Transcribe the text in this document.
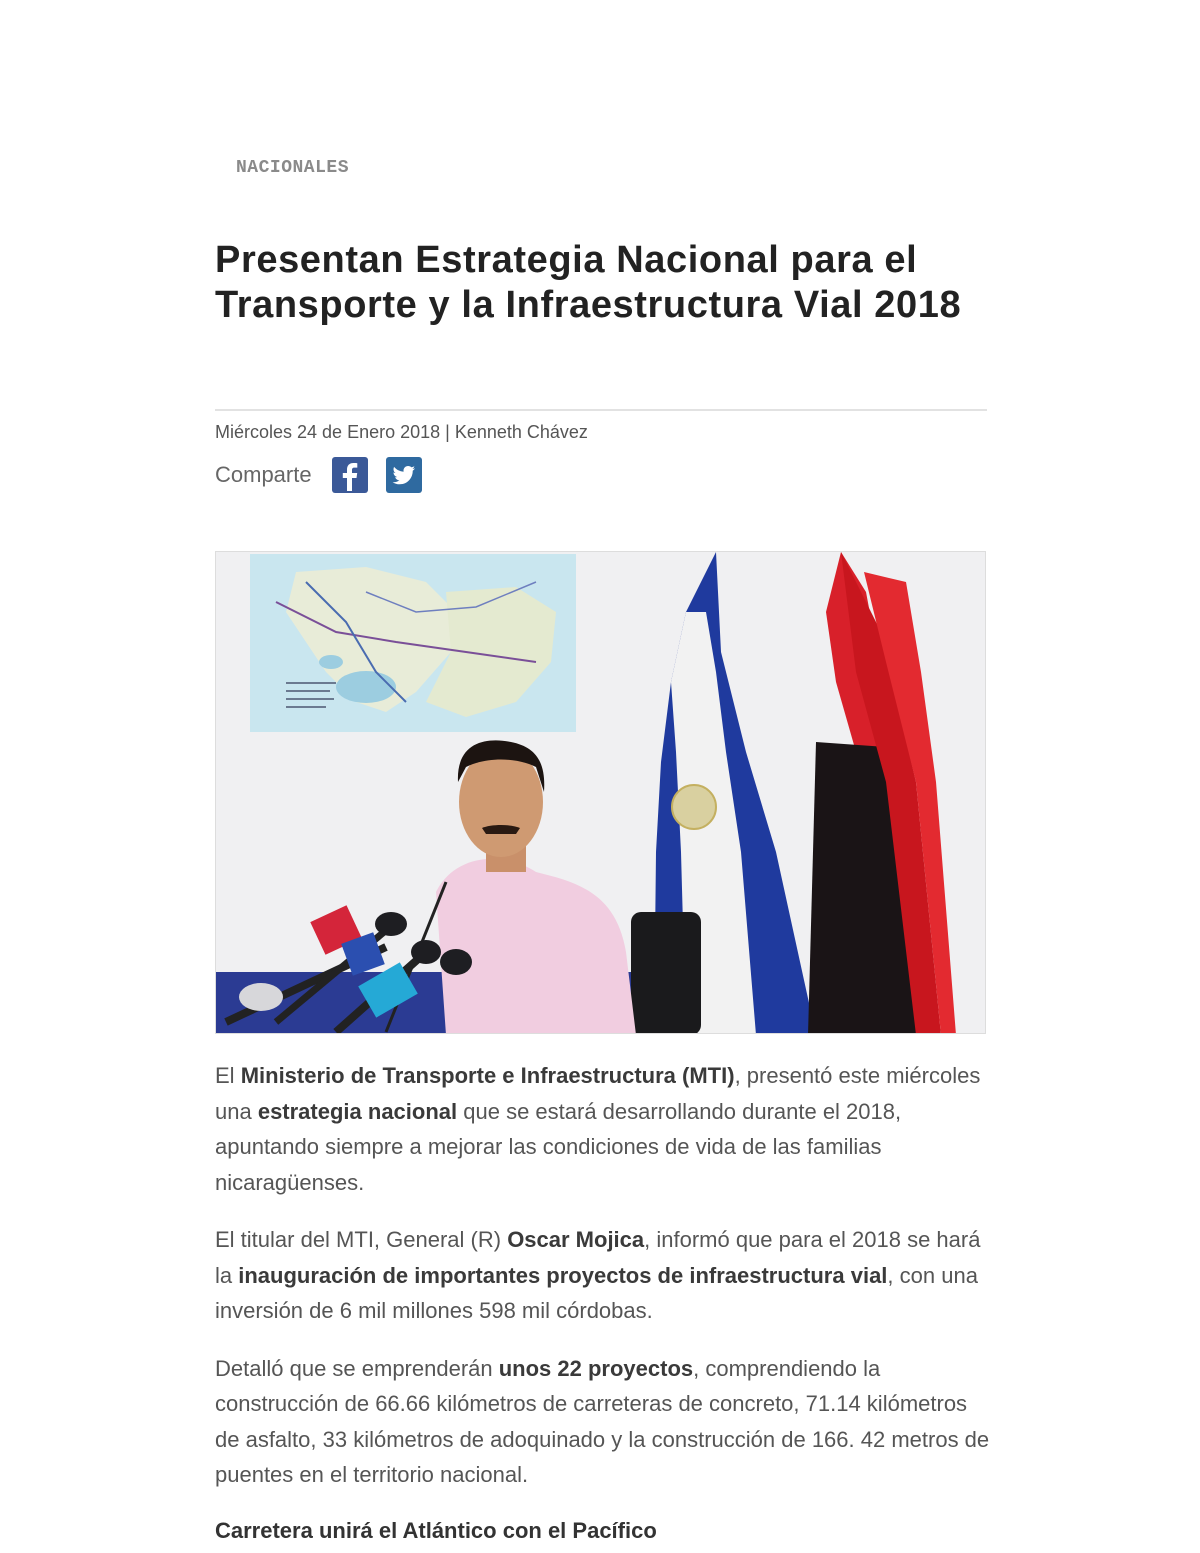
NACIONALES
Presentan Estrategia Nacional para el Transporte y la Infraestructura Vial 2018
Miércoles 24 de Enero 2018 | Kenneth Chávez
Comparte

El Ministerio de Transporte e Infraestructura (MTI), presentó este miércoles una estrategia nacional que se estará desarrollando durante el 2018, apuntando siempre a mejorar las condiciones de vida de las familias nicaragüenses.

El titular del MTI, General (R) Oscar Mojica, informó que para el 2018 se hará la inauguración de importantes proyectos de infraestructura vial, con una inversión de 6 mil millones 598 mil córdobas.

Detalló que se emprenderán unos 22 proyectos, comprendiendo la construcción de 66.66 kilómetros de carreteras de concreto, 71.14 kilómetros de asfalto, 33 kilómetros de adoquinado y la construcción de 166. 42 metros de puentes en el territorio nacional.

Carretera unirá el Atlántico con el Pacífico
